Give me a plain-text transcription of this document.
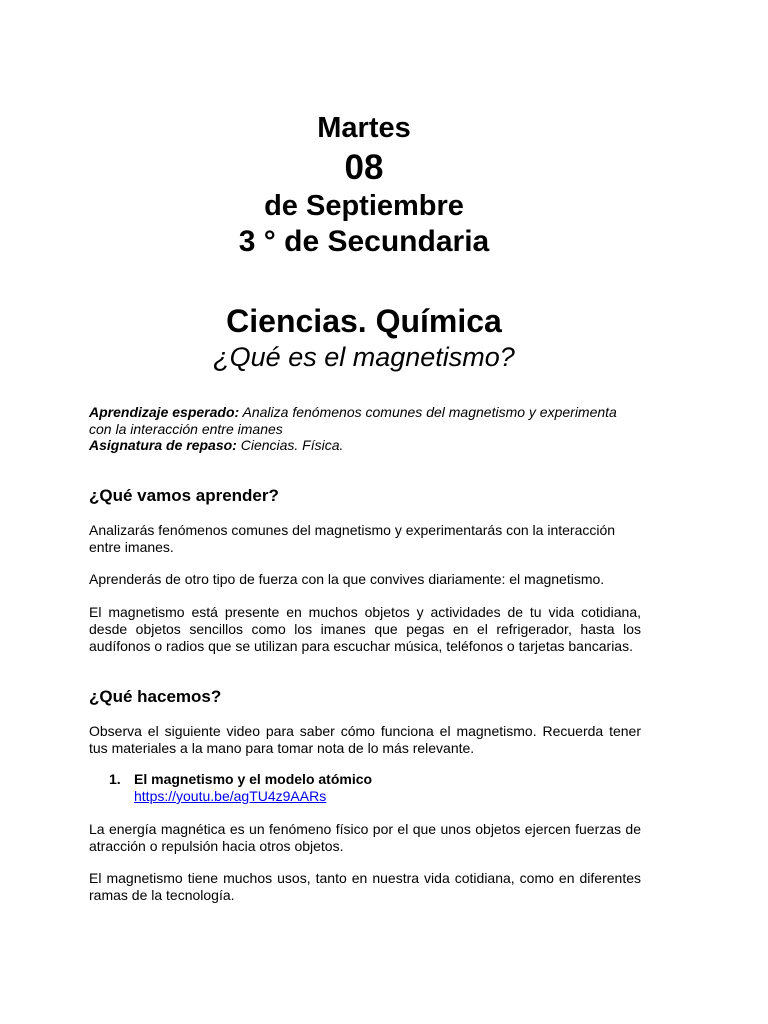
Martes
08
de Septiembre
3 ° de Secundaria
Ciencias. Química
¿Qué es el magnetismo?

Aprendizaje esperado: Analiza fenómenos comunes del magnetismo y experimenta con la interacción entre imanes

Asignatura de repaso: Ciencias. Física.

¿Qué vamos aprender?

Analizarás fenómenos comunes del magnetismo y experimentarás con la interacción entre imanes.

Aprenderás de otro tipo de fuerza con la que convives diariamente: el magnetismo.

El magnetismo está presente en muchos objetos y actividades de tu vida cotidiana, desde objetos sencillos como los imanes que pegas en el refrigerador, hasta los audífonos o radios que se utilizan para escuchar música, teléfonos o tarjetas bancarias.

¿Qué hacemos?

Observa el siguiente video para saber cómo funciona el magnetismo. Recuerda tener tus materiales a la mano para tomar nota de lo más relevante.

1. El magnetismo y el modelo atómico
https://youtu.be/agTU4z9AARs

La energía magnética es un fenómeno físico por el que unos objetos ejercen fuerzas de atracción o repulsión hacia otros objetos.

El magnetismo tiene muchos usos, tanto en nuestra vida cotidiana, como en diferentes ramas de la tecnología.
